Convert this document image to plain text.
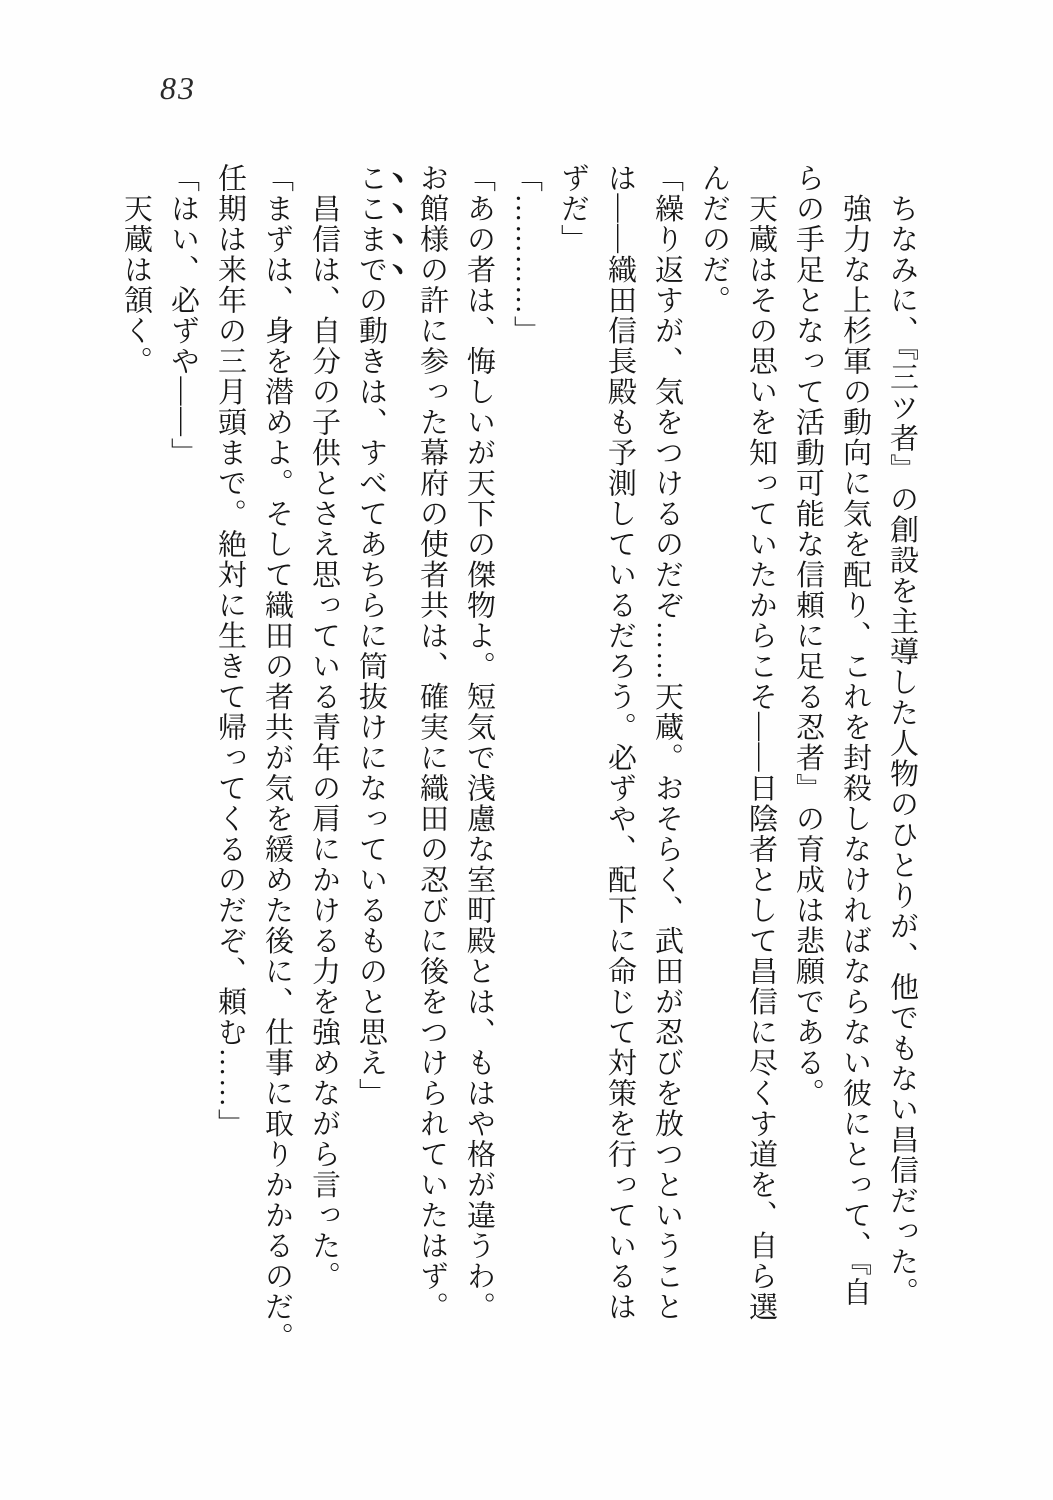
83

　ちなみに、『三ツ者』の創設を主導した人物のひとりが、他でもない昌信だった。

　強力な上杉軍の動向に気を配り、これを封殺しなければならない彼にとって、『自

らの手足となって活動可能な信頼に足る忍者』の育成は悲願である。

　天蔵はその思いを知っていたからこそ――日陰者として昌信に尽くす道を、自ら選

んだのだ。

「繰り返すが、気をつけるのだぞ……天蔵。おそらく、武田が忍びを放つということ

は――織田信長殿も予測しているだろう。必ずや、配下に命じて対策を行っているは

ずだ」

「…………」

「あの者は、悔しいが天下の傑物よ。短気で浅慮な室町殿とは、もはや格が違うわ。

お館様の許に参った幕府の使者共は、確実に織田の忍びに後をつけられていたはず。

ここまでの動きは、すべてあちらに筒抜けになっているものと思え」

　昌信は、自分の子供とさえ思っている青年の肩にかける力を強めながら言った。

「まずは、身を潜めよ。そして織田の者共が気を緩めた後に、仕事に取りかかるのだ。

任期は来年の三月頭まで。絶対に生きて帰ってくるのだぞ、頼む……」

「はい、必ずや――」

　天蔵は頷く。
